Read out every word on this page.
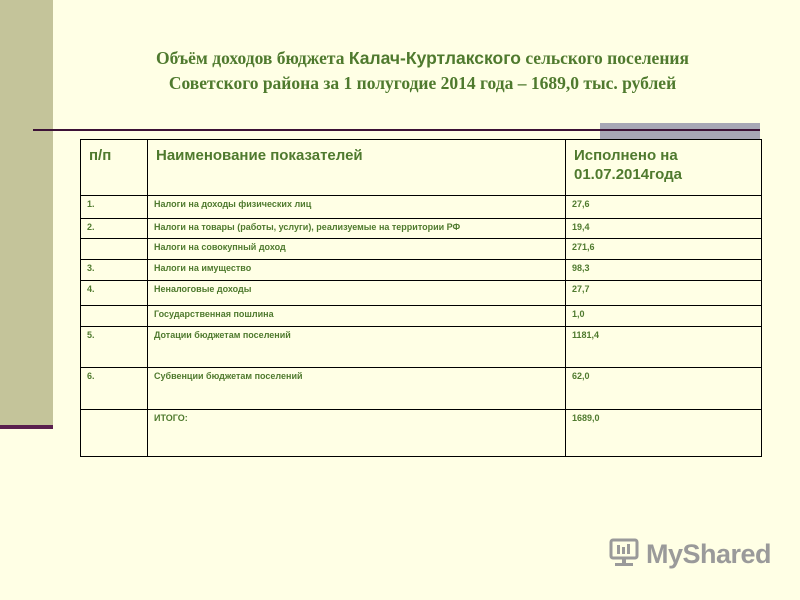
Объём доходов бюджета Калач-Куртлакского сельского поселения
Советского района за 1 полугодие 2014 года – 1689,0 тыс. рублей
п/п	Наименование показателей	Исполнено на 01.07.2014года
1.	Налоги на доходы физических лиц	27,6
2.	Налоги на товары (работы, услуги), реализуемые на территории РФ	19,4
	Налоги на совокупный доход	271,6
3.	Налоги на имущество	98,3
4.	Неналоговые доходы	27,7
	Государственная пошлина	1,0
5.	Дотации бюджетам поселений	1181,4
6.	Субвенции бюджетам поселений	62,0
	ИТОГО:	1689,0
MyShared
